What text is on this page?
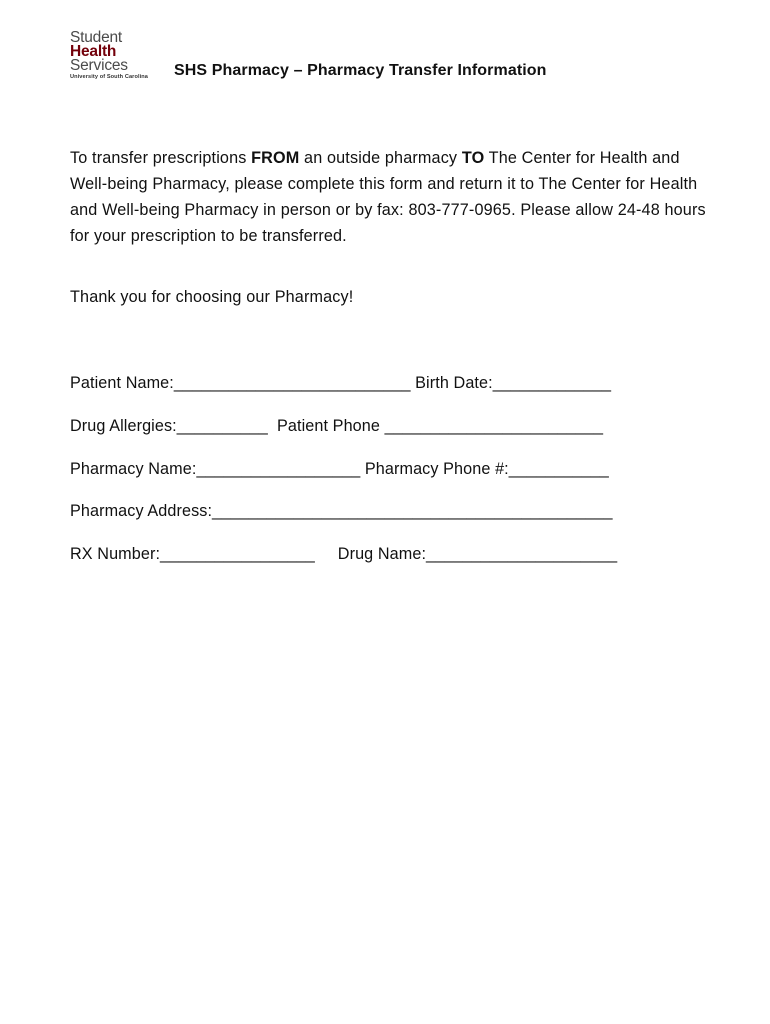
Student
Health
Services
University of South Carolina	SHS Pharmacy – Pharmacy Transfer Information

To transfer prescriptions FROM an outside pharmacy TO The Center for Health and Well-being Pharmacy, please complete this form and return it to The Center for Health and Well-being Pharmacy in person or by fax: 803-777-0965. Please allow 24-48 hours for your prescription to be transferred.

Thank you for choosing our Pharmacy!

Patient Name:__________________________ Birth Date:_____________
Drug Allergies:__________  Patient Phone ________________________
Pharmacy Name:__________________ Pharmacy Phone #:___________
Pharmacy Address:____________________________________________
RX Number:_________________     Drug Name:_____________________
